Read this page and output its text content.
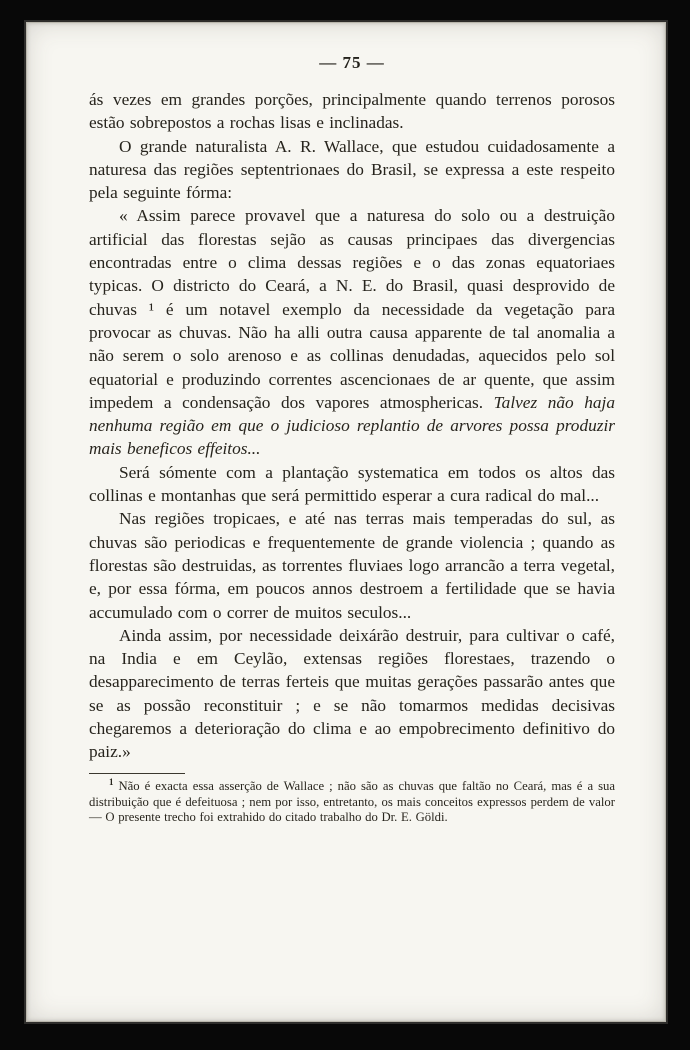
— 75 —

ás vezes em grandes porções, principalmente quando terrenos porosos estão sobrepostos a rochas lisas e inclinadas.

O grande naturalista A. R. Wallace, que estudou cuidadosamente a naturesa das regiões septentrionaes do Brasil, se expressa a este respeito pela seguinte fórma:

« Assim parece provavel que a naturesa do solo ou a destruição artificial das florestas sejão as causas principaes das divergencias encontradas entre o clima dessas regiões e o das zonas equatoriaes typicas. O districto do Ceará, a N. E. do Brasil, quasi desprovido de chuvas ¹ é um notavel exemplo da necessidade da vegetação para provocar as chuvas. Não ha alli outra causa apparente de tal anomalia a não serem o solo arenoso e as collinas denudadas, aquecidos pelo sol equatorial e produzindo correntes ascencionaes de ar quente, que assim impedem a condensação dos vapores atmosphericas. Talvez não haja nenhuma região em que o judicioso replantio de arvores possa produzir mais beneficos effeitos...

Será sómente com a plantação systematica em todos os altos das collinas e montanhas que será permittido esperar a cura radical do mal...

Nas regiões tropicaes, e até nas terras mais temperadas do sul, as chuvas são periodicas e frequentemente de grande violencia ; quando as florestas são destruidas, as torrentes fluviaes logo arrancão a terra vegetal, e, por essa fórma, em poucos annos destroem a fertilidade que se havia accumulado com o correr de muitos seculos...

Ainda assim, por necessidade deixárão destruir, para cultivar o café, na India e em Ceylão, extensas regiões florestaes, trazendo o desapparecimento de terras ferteis que muitas gerações passarão antes que se as possão reconstituir ; e se não tomarmos medidas decisivas chegaremos a deterioração do clima e ao empobrecimento definitivo do paiz.»

$^1$ Não é exacta essa asserção de Wallace ; não são as chuvas que faltão no Ceará, mas é a sua distribuição que é defeituosa ; nem por isso, entretanto, os mais conceitos expressos perdem de valor — O presente trecho foi extrahido do citado trabalho do Dr. E. Göldi.
